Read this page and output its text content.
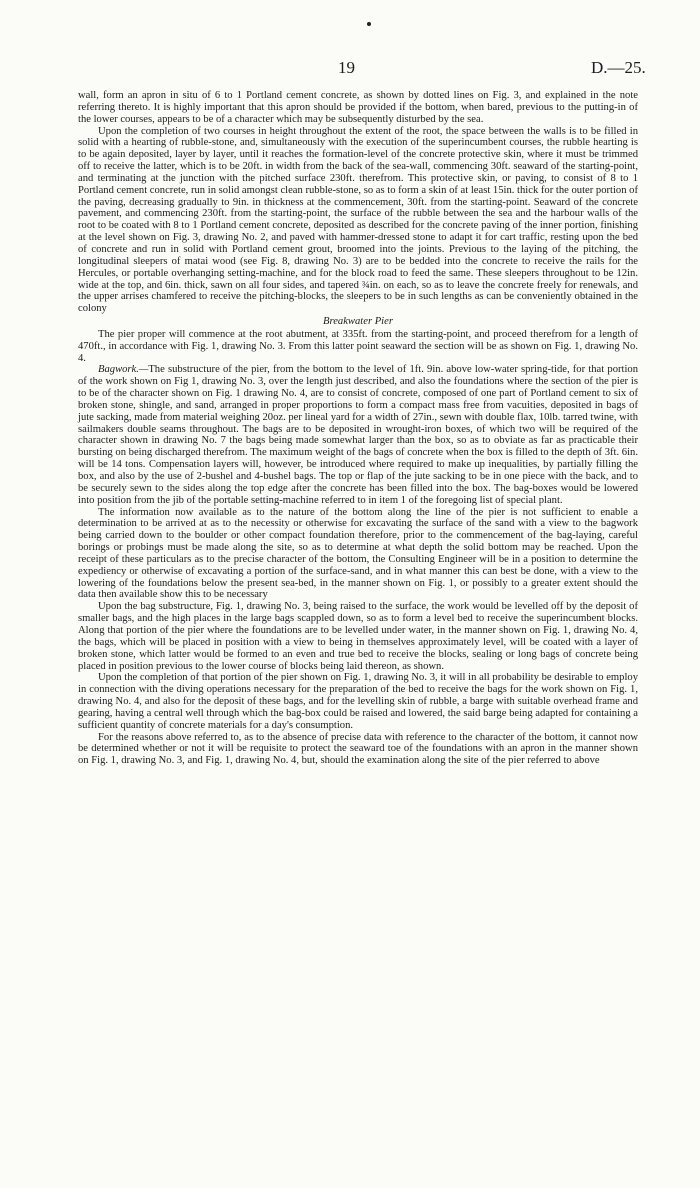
19	D.—25.

wall, form an apron in situ of 6 to 1 Portland cement concrete, as shown by dotted lines on Fig. 3, and explained in the note referring thereto. It is highly important that this apron should be provided if the bottom, when bared, previous to the putting-in of the lower courses, appears to be of a character which may be subsequently disturbed by the sea.

Upon the completion of two courses in height throughout the extent of the root, the space between the walls is to be filled in solid with a hearting of rubble-stone, and, simultaneously with the execution of the superincumbent courses, the rubble hearting is to be again deposited, layer by layer, until it reaches the formation-level of the concrete protective skin, where it must be trimmed off to receive the latter, which is to be 20ft. in width from the back of the sea-wall, commencing 30ft. seaward of the starting-point, and terminating at the junction with the pitched surface 230ft. therefrom. This protective skin, or paving, to consist of 8 to 1 Portland cement concrete, run in solid amongst clean rubble-stone, so as to form a skin of at least 15in. thick for the outer portion of the paving, decreasing gradually to 9in. in thickness at the commencement, 30ft. from the starting-point. Seaward of the concrete pavement, and commencing 230ft. from the starting-point, the surface of the rubble between the sea and the harbour walls of the root to be coated with 8 to 1 Portland cement concrete, deposited as described for the concrete paving of the inner portion, finishing at the level shown on Fig. 3, drawing No. 2, and paved with hammer-dressed stone to adapt it for cart traffic, resting upon the bed of concrete and run in solid with Portland cement grout, broomed into the joints. Previous to the laying of the pitching, the longitudinal sleepers of matai wood (see Fig. 8, drawing No. 3) are to be bedded into the concrete to receive the rails for the Hercules, or portable overhanging setting-machine, and for the block road to feed the same. These sleepers throughout to be 12in. wide at the top, and 6in. thick, sawn on all four sides, and tapered ¾in. on each, so as to leave the concrete freely for renewals, and the upper arrises chamfered to receive the pitching-blocks, the sleepers to be in such lengths as can be conveniently obtained in the colony

Breakwater Pier

The pier proper will commence at the root abutment, at 335ft. from the starting-point, and proceed therefrom for a length of 470ft., in accordance with Fig. 1, drawing No. 3. From this latter point seaward the section will be as shown on Fig. 1, drawing No. 4.

Bagwork.—The substructure of the pier, from the bottom to the level of 1ft. 9in. above low-water spring-tide, for that portion of the work shown on Fig 1, drawing No. 3, over the length just described, and also the foundations where the section of the pier is to be of the character shown on Fig. 1 drawing No. 4, are to consist of concrete, composed of one part of Portland cement to six of broken stone, shingle, and sand, arranged in proper proportions to form a compact mass free from vacuities, deposited in bags of jute sacking, made from material weighing 20oz. per lineal yard for a width of 27in., sewn with double flax, 10lb. tarred twine, with sailmakers double seams throughout. The bags are to be deposited in wrought-iron boxes, of which two will be required of the character shown in drawing No. 7 the bags being made somewhat larger than the box, so as to obviate as far as practicable their bursting on being discharged therefrom. The maximum weight of the bags of concrete when the box is filled to the depth of 3ft. 6in. will be 14 tons. Compensation layers will, however, be introduced where required to make up inequalities, by partially filling the box, and also by the use of 2-bushel and 4-bushel bags. The top or flap of the jute sacking to be in one piece with the back, and to be securely sewn to the sides along the top edge after the concrete has been filled into the box. The bag-boxes would be lowered into position from the jib of the portable setting-machine referred to in item 1 of the foregoing list of special plant.

The information now available as to the nature of the bottom along the line of the pier is not sufficient to enable a determination to be arrived at as to the necessity or otherwise for excavating the surface of the sand with a view to the bagwork being carried down to the boulder or other compact foundation therefore, prior to the commencement of the bag-laying, careful borings or probings must be made along the site, so as to determine at what depth the solid bottom may be reached. Upon the receipt of these particulars as to the precise character of the bottom, the Consulting Engineer will be in a position to determine the expediency or otherwise of excavating a portion of the surface-sand, and in what manner this can best be done, with a view to the lowering of the foundations below the present sea-bed, in the manner shown on Fig. 1, or possibly to a greater extent should the data then available show this to be necessary

Upon the bag substructure, Fig. 1, drawing No. 3, being raised to the surface, the work would be levelled off by the deposit of smaller bags, and the high places in the large bags scappled down, so as to form a level bed to receive the superincumbent blocks. Along that portion of the pier where the foundations are to be levelled under water, in the manner shown on Fig. 1, drawing No. 4, the bags, which will be placed in position with a view to being in themselves approximately level, will be coated with a layer of broken stone, which latter would be formed to an even and true bed to receive the blocks, sealing or long bags of concrete being placed in position previous to the lower course of blocks being laid thereon, as shown.

Upon the completion of that portion of the pier shown on Fig. 1, drawing No. 3, it will in all probability be desirable to employ in connection with the diving operations necessary for the preparation of the bed to receive the bags for the work shown on Fig. 1, drawing No. 4, and also for the deposit of these bags, and for the levelling skin of rubble, a barge with suitable overhead frame and gearing, having a central well through which the bag-box could be raised and lowered, the said barge being adapted for containing a sufficient quantity of concrete materials for a day's consumption.

For the reasons above referred to, as to the absence of precise data with reference to the character of the bottom, it cannot now be determined whether or not it will be requisite to protect the seaward toe of the foundations with an apron in the manner shown on Fig. 1, drawing No. 3, and Fig. 1, drawing No. 4, but, should the examination along the site of the pier referred to above
